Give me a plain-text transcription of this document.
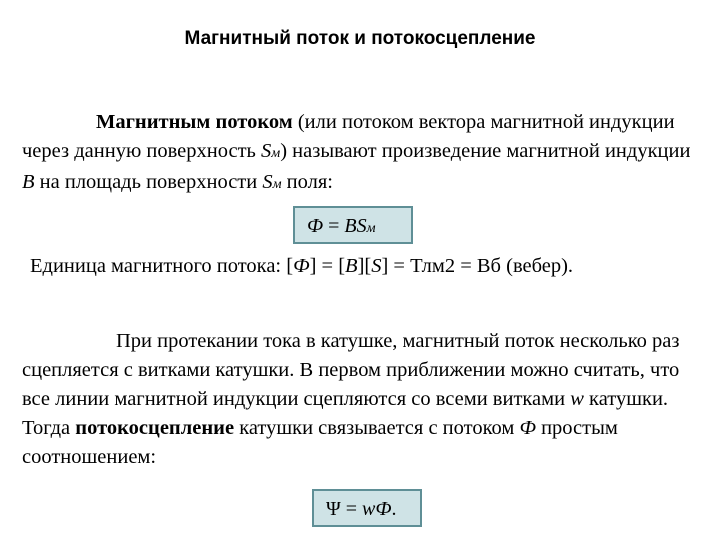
Магнитный поток и потокосцепление
Магнитным потоком (или потоком вектора магнитной индукции через данную поверхность Sм) называют произведение магнитной индукции B на площадь поверхности Sм поля:
Ф = BSм
Единица магнитного потока: [Ф] = [B][S] = Тлм2 = Вб (вебер).
При протекании тока в катушке, магнитный поток несколько раз сцепляется с витками катушки. В первом приближении можно считать, что все линии магнитной индукции сцепляются со всеми витками w катушки. Тогда потокосцепление катушки связывается с потоком Ф простым соотношением:
Ψ = wФ.
